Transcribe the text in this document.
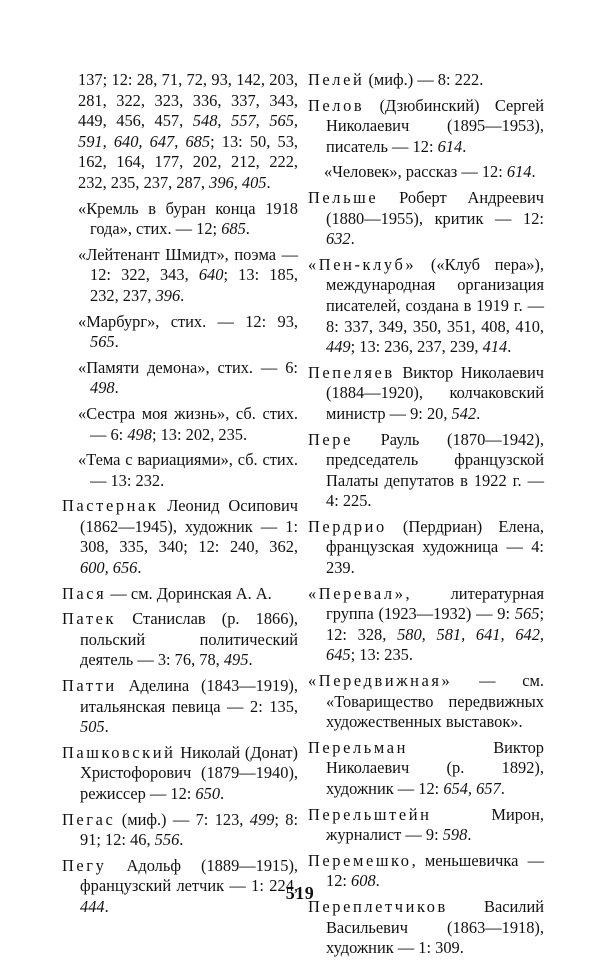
137; 12: 28, 71, 72, 93, 142, 203, 281, 322, 323, 336, 337, 343, 449, 456, 457, 548, 557, 565, 591, 640, 647, 685; 13: 50, 53, 162, 164, 177, 202, 212, 222, 232, 235, 237, 287, 396, 405.

«Кремль в буран конца 1918 года», стих. — 12; 685.

«Лейтенант Шмидт», поэма — 12: 322, 343, 640; 13: 185, 232, 237, 396.

«Марбург», стих. — 12: 93, 565.

«Памяти демона», стих. — 6: 498.

«Сестра моя жизнь», сб. стих. — 6: 498; 13: 202, 235.

«Тема с вариациями», сб. стих. — 13: 232.

Пастернак Леонид Осипович (1862—1945), художник — 1: 308, 335, 340; 12: 240, 362, 600, 656.

Пася — см. Доринская А. А.

Патек Станислав (р. 1866), польский политический деятель — 3: 76, 78, 495.

Патти Аделина (1843—1919), итальянская певица — 2: 135, 505.

Пашковский Николай (Донат) Христофорович (1879—1940), режиссер — 12: 650.

Пегас (миф.) — 7: 123, 499; 8: 91; 12: 46, 556.

Пегу Адольф (1889—1915), французский летчик — 1: 224, 444.

Пелей (миф.) — 8: 222.

Пелов (Дзюбинский) Сергей Николаевич (1895—1953), писатель — 12: 614.

«Человек», рассказ — 12: 614.

Пельше Роберт Андреевич (1880—1955), критик — 12: 632.

«Пен-клуб» («Клуб пера»), международная организация писателей, создана в 1919 г. — 8: 337, 349, 350, 351, 408, 410, 449; 13: 236, 237, 239, 414.

Пепеляев Виктор Николаевич (1884—1920), колчаковский министр — 9: 20, 542.

Пере Рауль (1870—1942), председатель французской Палаты депутатов в 1922 г. — 4: 225.

Пердрио (Пердриан) Елена, французская художница — 4: 239.

«Перевал», литературная группа (1923—1932) — 9: 565; 12: 328, 580, 581, 641, 642, 645; 13: 235.

«Передвижная» — см. «Товарищество передвижных художественных выставок».

Перельман Виктор Николаевич (р. 1892), художник — 12: 654, 657.

Перельштейн Мирон, журналист — 9: 598.

Перемешко, меньшевичка — 12: 608.

Переплетчиков Василий Васильевич (1863—1918), художник — 1: 309.

519
